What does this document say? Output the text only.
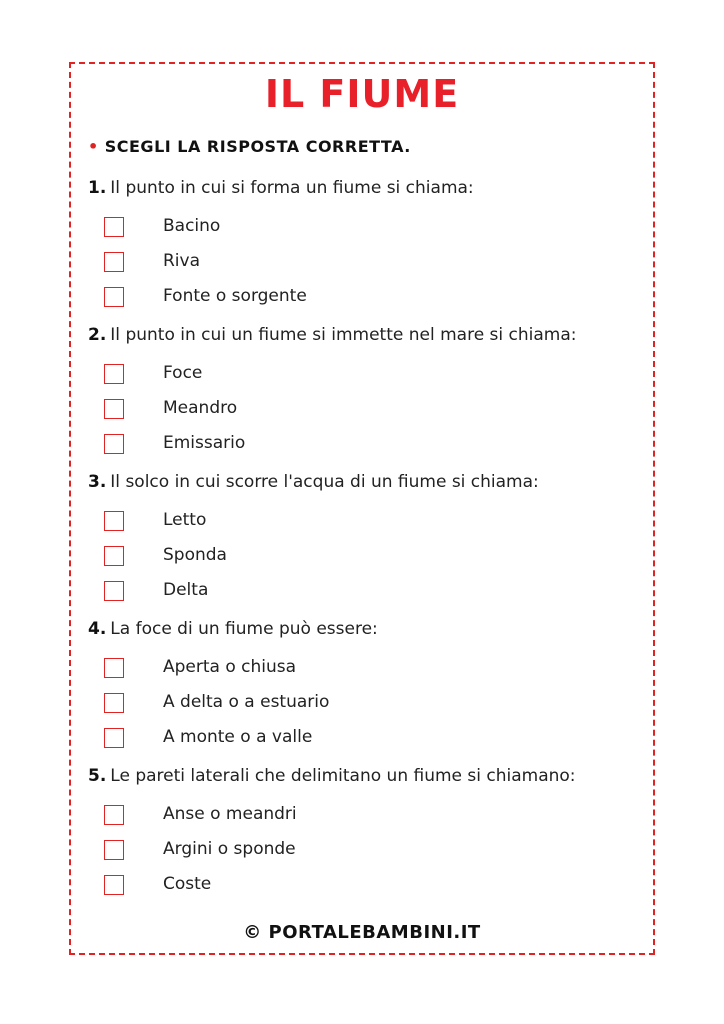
IL FIUME
• SCEGLI LA RISPOSTA CORRETTA.
1. Il punto in cui si forma un fiume si chiama:
Bacino
Riva
Fonte o sorgente
2. Il punto in cui un fiume si immette nel mare si chiama:
Foce
Meandro
Emissario
3. Il solco in cui scorre l'acqua di un fiume si chiama:
Letto
Sponda
Delta
4. La foce di un fiume può essere:
Aperta o chiusa
A delta o a estuario
A monte o a valle
5. Le pareti laterali che delimitano un fiume si chiamano:
Anse o meandri
Argini o sponde
Coste
© PORTALEBAMBINI.IT
